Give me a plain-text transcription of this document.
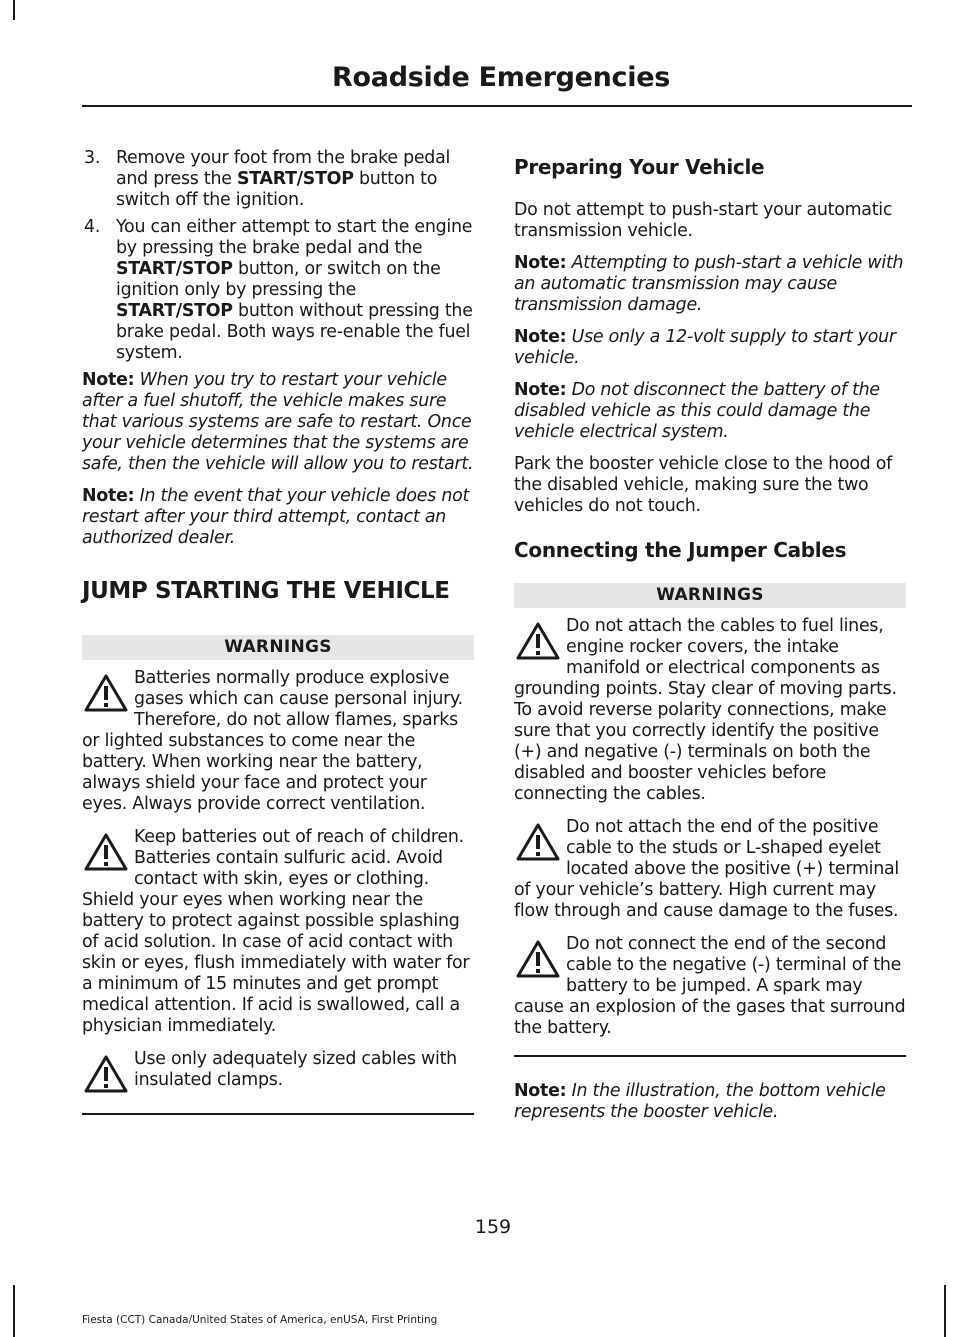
Roadside Emergencies
3. Remove your foot from the brake pedal and press the START/STOP button to switch off the ignition.
4. You can either attempt to start the engine by pressing the brake pedal and the START/STOP button, or switch on the ignition only by pressing the START/STOP button without pressing the brake pedal. Both ways re-enable the fuel system.

Note: When you try to restart your vehicle after a fuel shutoff, the vehicle makes sure that various systems are safe to restart. Once your vehicle determines that the systems are safe, then the vehicle will allow you to restart.

Note: In the event that your vehicle does not restart after your third attempt, contact an authorized dealer.

JUMP STARTING THE VEHICLE
WARNINGS
Batteries normally produce explosive gases which can cause personal injury. Therefore, do not allow flames, sparks or lighted substances to come near the battery. When working near the battery, always shield your face and protect your eyes. Always provide correct ventilation.
Keep batteries out of reach of children. Batteries contain sulfuric acid. Avoid contact with skin, eyes or clothing. Shield your eyes when working near the battery to protect against possible splashing of acid solution. In case of acid contact with skin or eyes, flush immediately with water for a minimum of 15 minutes and get prompt medical attention. If acid is swallowed, call a physician immediately.
Use only adequately sized cables with insulated clamps.
Preparing Your Vehicle

Do not attempt to push-start your automatic transmission vehicle.

Note: Attempting to push-start a vehicle with an automatic transmission may cause transmission damage.

Note: Use only a 12-volt supply to start your vehicle.

Note: Do not disconnect the battery of the disabled vehicle as this could damage the vehicle electrical system.

Park the booster vehicle close to the hood of the disabled vehicle, making sure the two vehicles do not touch.

Connecting the Jumper Cables
WARNINGS
Do not attach the cables to fuel lines, engine rocker covers, the intake manifold or electrical components as grounding points. Stay clear of moving parts. To avoid reverse polarity connections, make sure that you correctly identify the positive (+) and negative (-) terminals on both the disabled and booster vehicles before connecting the cables.
Do not attach the end of the positive cable to the studs or L-shaped eyelet located above the positive (+) terminal of your vehicle’s battery. High current may flow through and cause damage to the fuses.
Do not connect the end of the second cable to the negative (-) terminal of the battery to be jumped. A spark may cause an explosion of the gases that surround the battery.

Note: In the illustration, the bottom vehicle represents the booster vehicle.

159
Fiesta (CCT) Canada/United States of America, enUSA, First Printing
